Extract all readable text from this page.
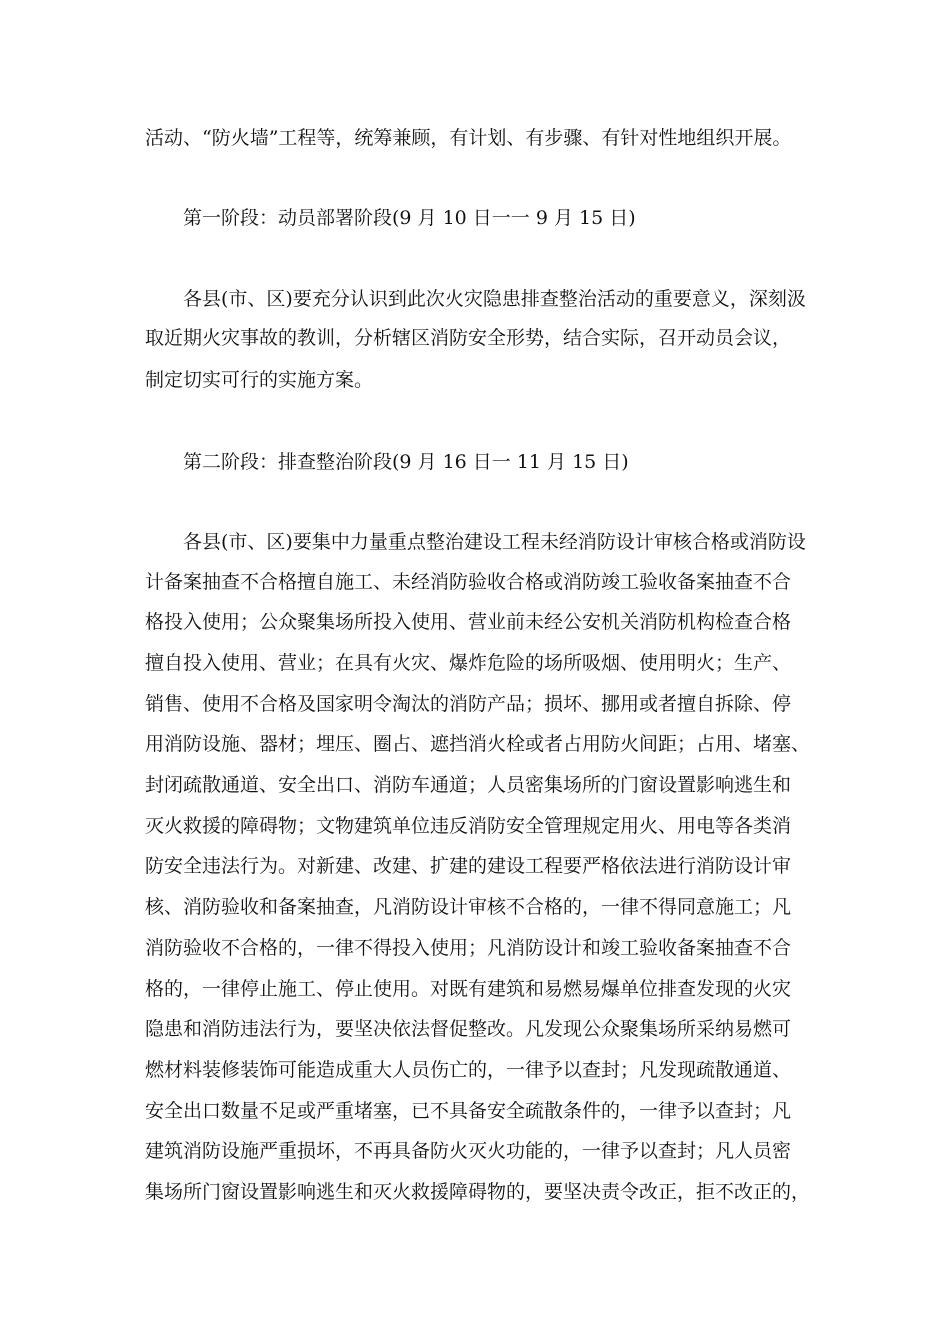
活动、“防火墙”工程等，统筹兼顾，有计划、有步骤、有针对性地组织开展。
第一阶段：动员部署阶段(9 月 10 日一一 9 月 15 日)
各县(市、区)要充分认识到此次火灾隐患排查整治活动的重要意义，深刻汲
取近期火灾事故的教训，分析辖区消防安全形势，结合实际，召开动员会议，
制定切实可行的实施方案。
第二阶段：排查整治阶段(9 月 16 日一 11 月 15 日)
各县(市、区)要集中力量重点整治建设工程未经消防设计审核合格或消防设
计备案抽查不合格擅自施工、未经消防验收合格或消防竣工验收备案抽查不合
格投入使用；公众聚集场所投入使用、营业前未经公安机关消防机构检查合格
擅自投入使用、营业；在具有火灾、爆炸危险的场所吸烟、使用明火；生产、
销售、使用不合格及国家明令淘汰的消防产品；损坏、挪用或者擅自拆除、停
用消防设施、器材；埋压、圈占、遮挡消火栓或者占用防火间距；占用、堵塞、
封闭疏散通道、安全出口、消防车通道；人员密集场所的门窗设置影响逃生和
灭火救援的障碍物；文物建筑单位违反消防安全管理规定用火、用电等各类消
防安全违法行为。对新建、改建、扩建的建设工程要严格依法进行消防设计审
核、消防验收和备案抽查，凡消防设计审核不合格的，一律不得同意施工；凡
消防验收不合格的，一律不得投入使用；凡消防设计和竣工验收备案抽查不合
格的，一律停止施工、停止使用。对既有建筑和易燃易爆单位排查发现的火灾
隐患和消防违法行为，要坚决依法督促整改。凡发现公众聚集场所采纳易燃可
燃材料装修装饰可能造成重大人员伤亡的，一律予以查封；凡发现疏散通道、
安全出口数量不足或严重堵塞，已不具备安全疏散条件的，一律予以查封；凡
建筑消防设施严重损坏，不再具备防火灭火功能的，一律予以查封；凡人员密
集场所门窗设置影响逃生和灭火救援障碍物的，要坚决责令改正，拒不改正的，
